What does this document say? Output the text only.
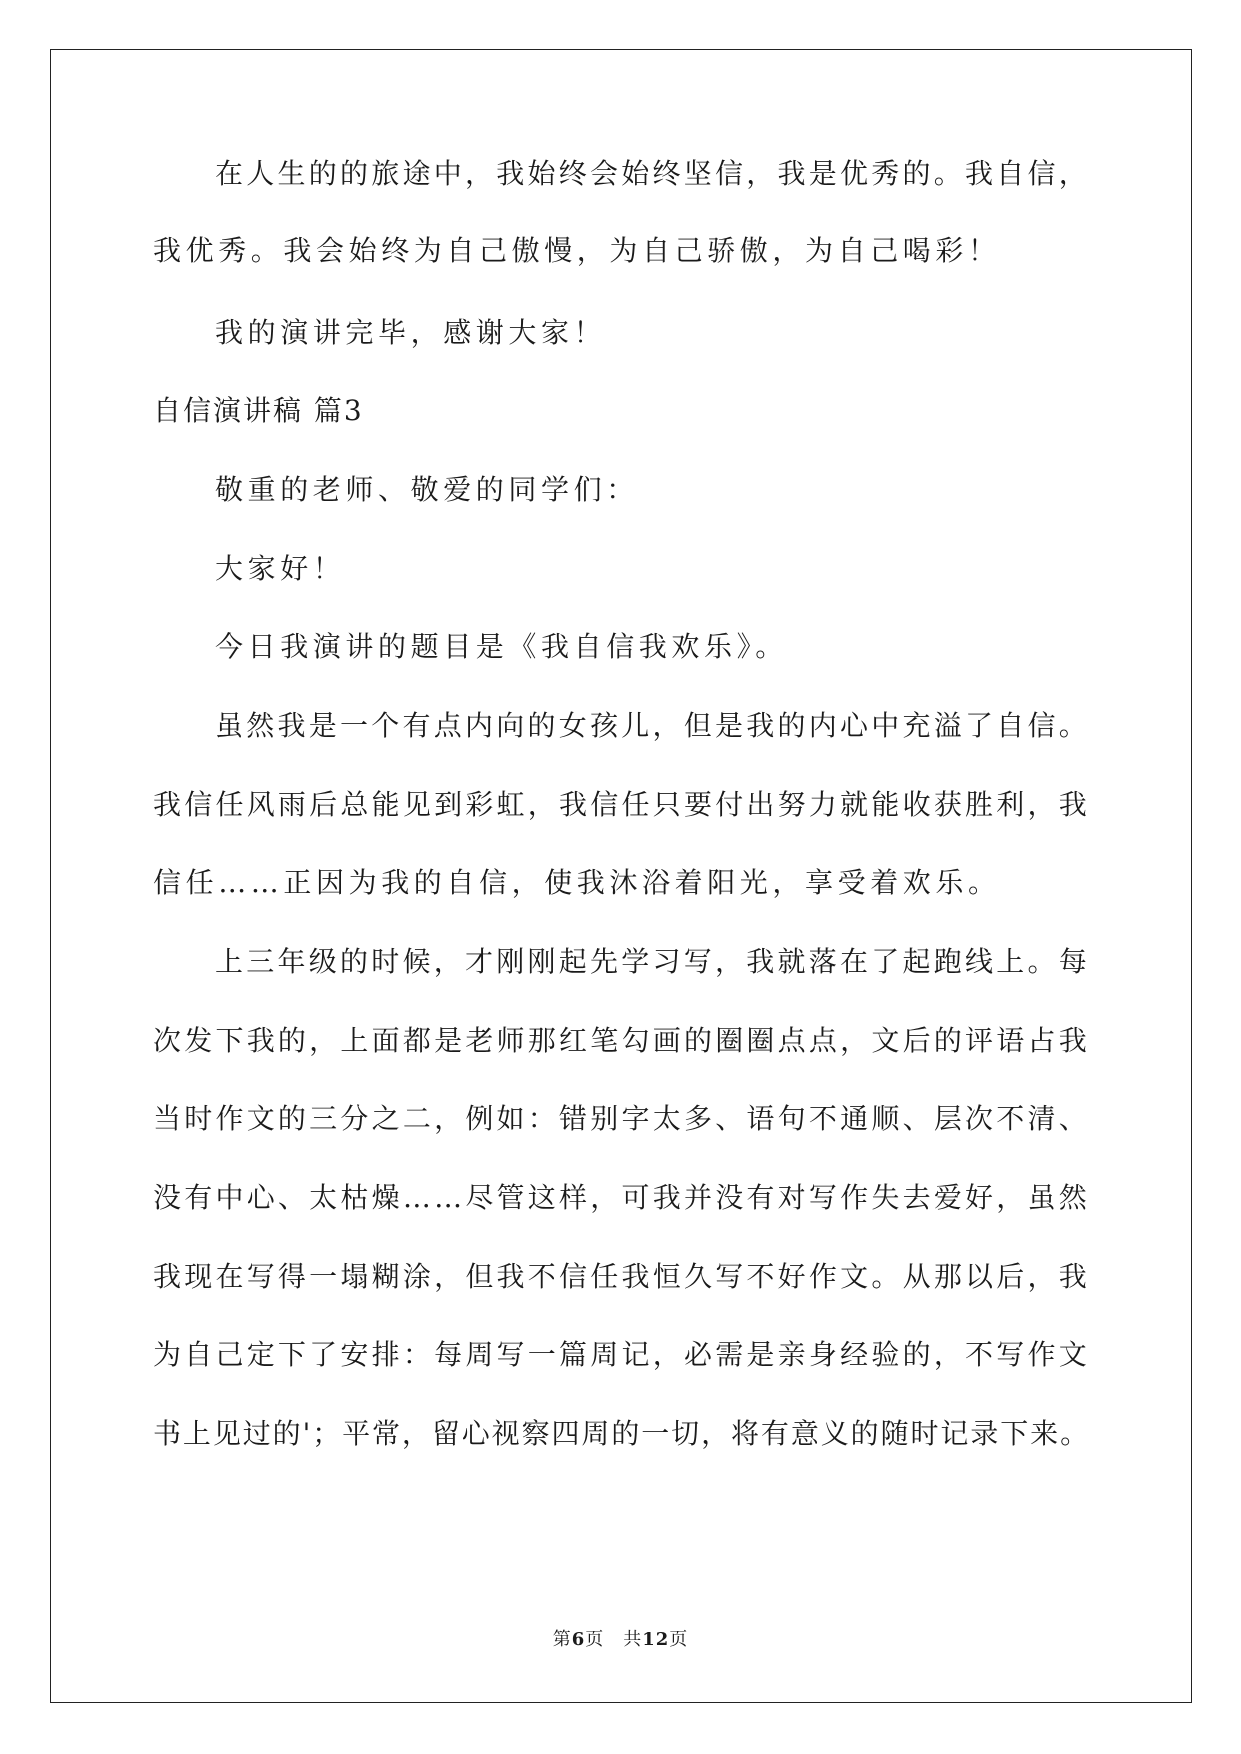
在人生的的旅途中，我始终会始终坚信，我是优秀的。我自信，
我优秀。我会始终为自己傲慢，为自己骄傲，为自己喝彩！
我的演讲完毕，感谢大家！
自信演讲稿 篇3
敬重的老师、敬爱的同学们：
大家好！
今日我演讲的题目是《我自信我欢乐》。
虽然我是一个有点内向的女孩儿，但是我的内心中充溢了自信。
我信任风雨后总能见到彩虹，我信任只要付出努力就能收获胜利，我
信任……正因为我的自信，使我沐浴着阳光，享受着欢乐。
上三年级的时候，才刚刚起先学习写，我就落在了起跑线上。每
次发下我的，上面都是老师那红笔勾画的圈圈点点，文后的评语占我
当时作文的三分之二，例如：错别字太多、语句不通顺、层次不清、
没有中心、太枯燥……尽管这样，可我并没有对写作失去爱好，虽然
我现在写得一塌糊涂，但我不信任我恒久写不好作文。从那以后，我
为自己定下了安排：每周写一篇周记，必需是亲身经验的，不写作文
书上见过的'；平常，留心视察四周的一切，将有意义的随时记录下来。
第6页　共12页
